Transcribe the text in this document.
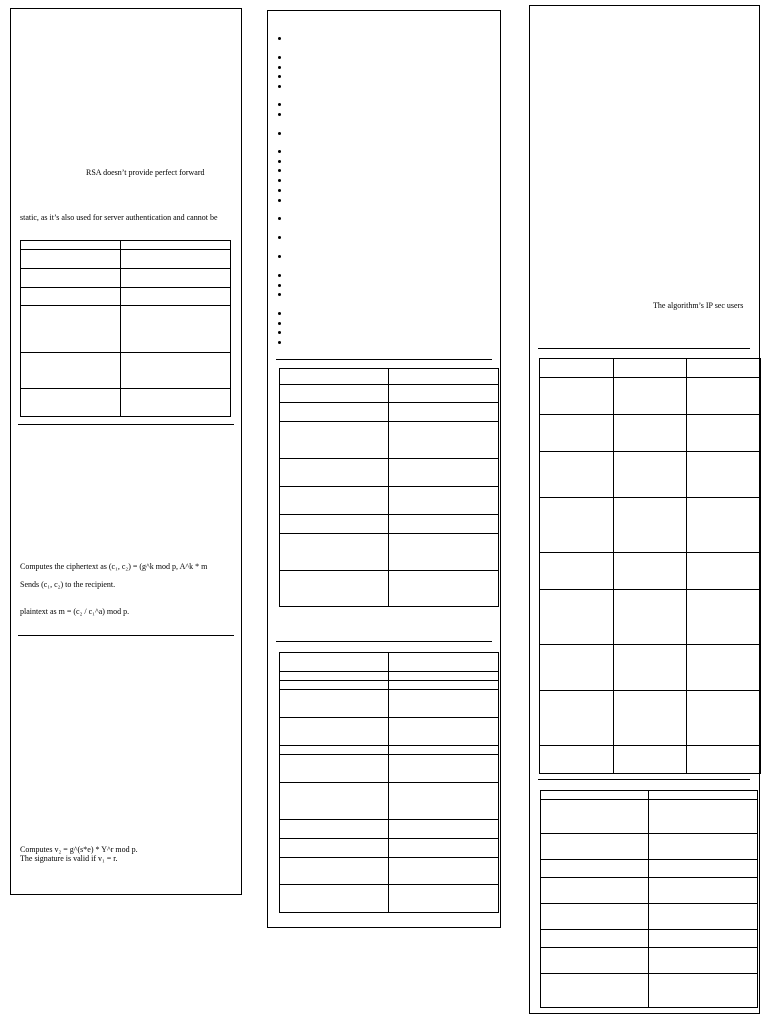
RSA doesn’t provide perfect forward
static, as it’s also used for server authentication and cannot be

Computes the ciphertext as (c₁, c₂) = (g^k mod p, A^k * m
Sends (c₁, c₂) to the recipient.
plaintext as m = (c₂ / c₁^a) mod p.
Computes v₂ = g^(s*e) * Y^r mod p.
The signature is valid if v₁ = r.

The algorithm’s IP sec users
